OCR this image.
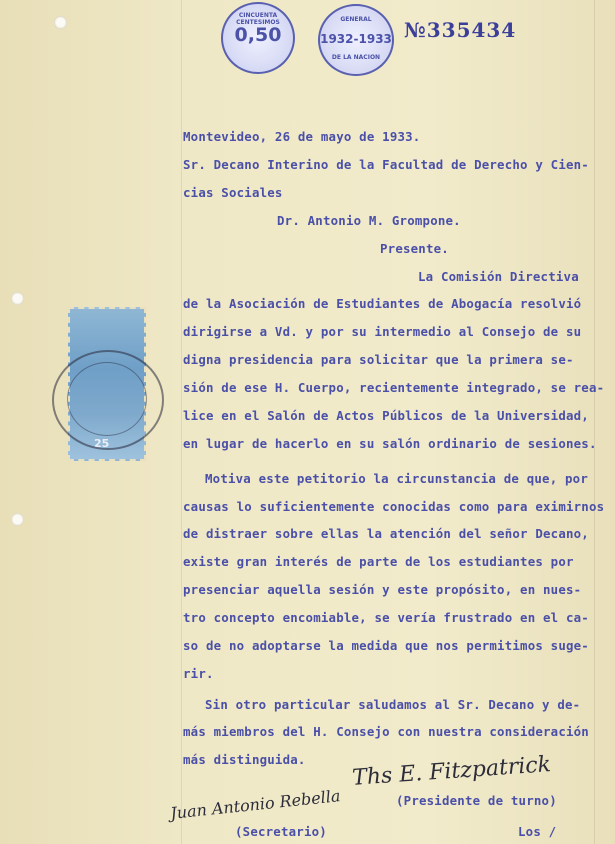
CINCUENTA CENTESIMOS
0,50
GENERAL
1932-1933
DE LA NACION
№335434
25
Montevideo, 26 de mayo de 1933.
Sr. Decano Interino de la Facultad de Derecho y Cien-
cias Sociales
Dr. Antonio M. Grompone.
Presente.
La Comisión Directiva
de la Asociación de Estudiantes de Abogacía resolvió
dirigirse a Vd. y por su intermedio al Consejo de su
digna presidencia para solicitar que la primera se-
sión de ese H. Cuerpo, recientemente integrado, se rea-
lice en el Salón de Actos Públicos de la Universidad,
en lugar de hacerlo en su salón ordinario de sesiones.
Motiva este petitorio la circunstancia de que, por
causas lo suficientemente conocidas como para eximirnos
de distraer sobre ellas la atención del señor Decano,
existe gran interés de parte de los estudiantes por
presenciar aquella sesión y este propósito, en nues-
tro concepto encomiable, se vería frustrado en el ca-
so de no adoptarse la medida que nos permitimos suge-
rir.
Sin otro particular saludamos al Sr. Decano y de-
más miembros del H. Consejo con nuestra consideración
más distinguida. Ths E. Fitzpatrick
(Presidente de turno)
Juan Antonio Rebella
(Secretario)	Los /
